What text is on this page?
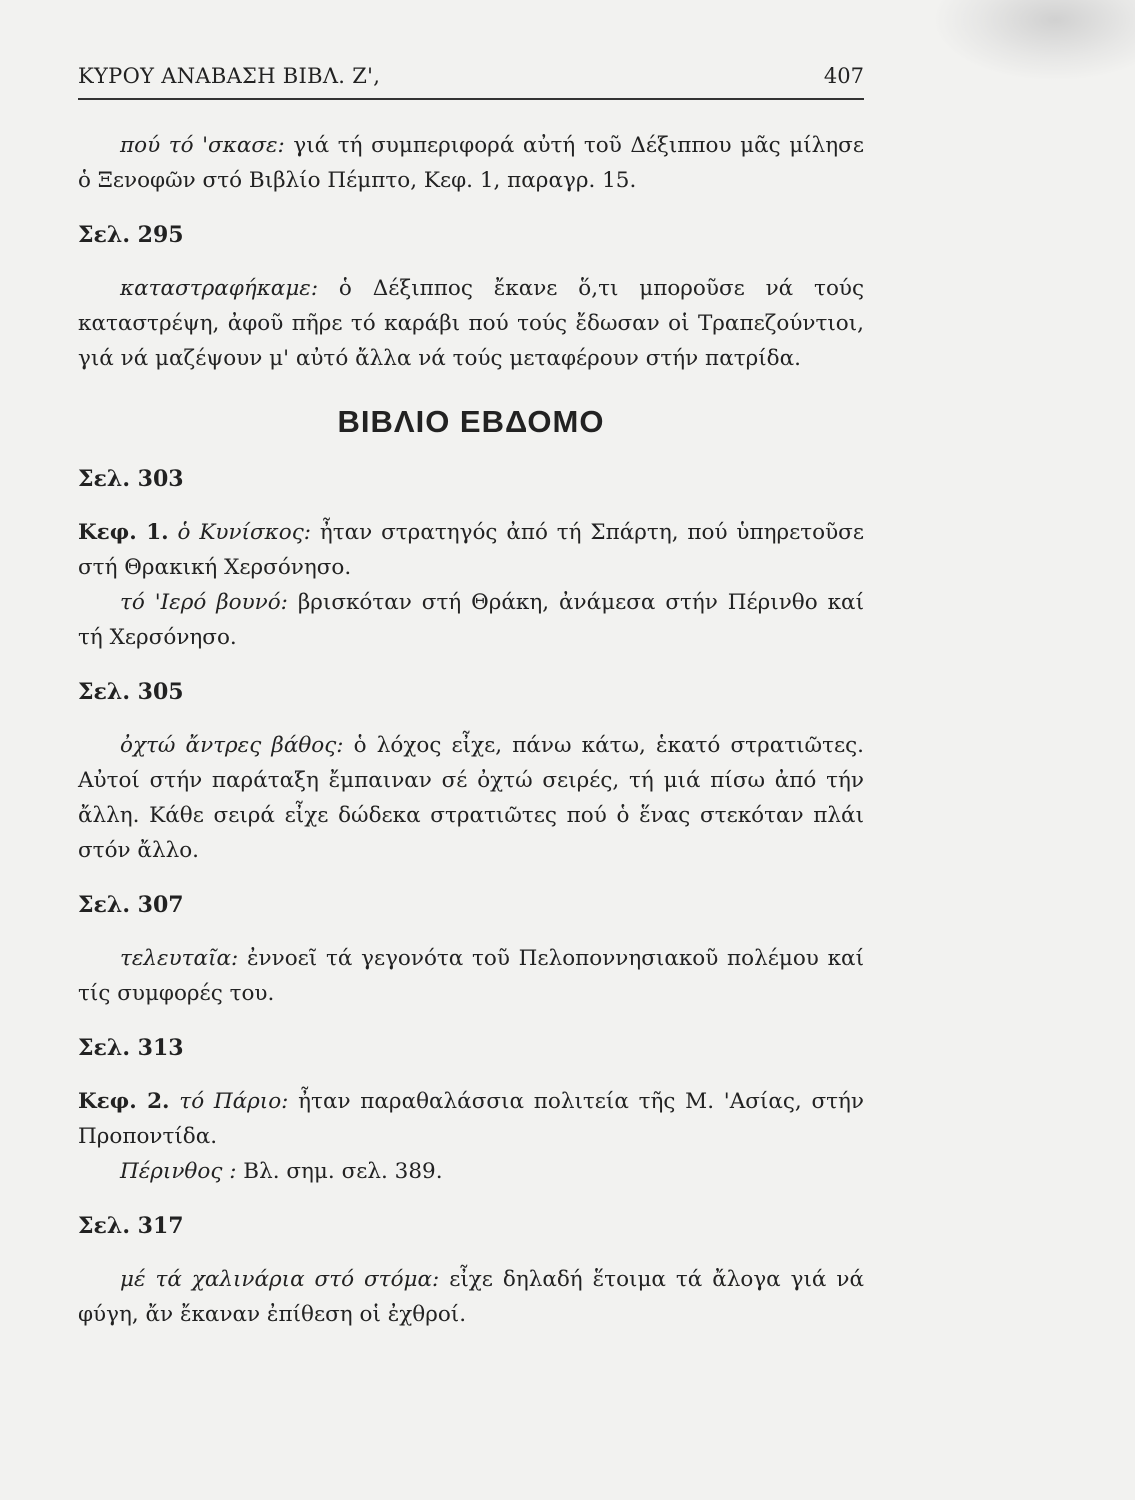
ΚΥΡΟΥ ΑΝΑΒΑΣΗ ΒΙΒΛ. Ζ',	407

πού τό 'σκασε: γιά τή συμπεριφορά αὐτή τοῦ Δέξιππου μᾶς μίλησε ὁ Ξενοφῶν στό Βιβλίο Πέμπτο, Κεφ. 1, παραγρ. 15.

Σελ. 295

καταστραφήκαμε: ὁ Δέξιππος ἔκανε ὅ,τι μποροῦσε νά τούς καταστρέψη, ἀφοῦ πῆρε τό καράβι πού τούς ἔδωσαν οἱ Τραπεζούντιοι, γιά νά μαζέψουν μ' αὐτό ἄλλα νά τούς μεταφέρουν στήν πατρίδα.

ΒΙΒΛΙΟ ΕΒΔΟΜΟ
Σελ. 303

Κεφ. 1. ὁ Κυνίσκος: ἦταν στρατηγός ἀπό τή Σπάρτη, πού ὑπηρετοῦσε στή Θρακική Χερσόνησο.

τό 'Ιερό βουνό: βρισκόταν στή Θράκη, ἀνάμεσα στήν Πέρινθο καί τή Χερσόνησο.

Σελ. 305

ὀχτώ ἄντρες βάθος: ὁ λόχος εἶχε, πάνω κάτω, ἑκατό στρατιῶτες. Αὐτοί στήν παράταξη ἔμπαιναν σέ ὀχτώ σειρές, τή μιά πίσω ἀπό τήν ἄλλη. Κάθε σειρά εἶχε δώδεκα στρατιῶτες πού ὁ ἕνας στεκόταν πλάι στόν ἄλλο.

Σελ. 307

τελευταῖα: ἐννοεῖ τά γεγονότα τοῦ Πελοποννησιακοῦ πολέμου καί τίς συμφορές του.

Σελ. 313

Κεφ. 2. τό Πάριο: ἦταν παραθαλάσσια πολιτεία τῆς Μ. 'Ασίας, στήν Προποντίδα.

Πέρινθος : Βλ. σημ. σελ. 389.

Σελ. 317

μέ τά χαλινάρια στό στόμα: εἶχε δηλαδή ἕτοιμα τά ἄλογα γιά νά φύγη, ἄν ἔκαναν ἐπίθεση οἱ ἐχθροί.
